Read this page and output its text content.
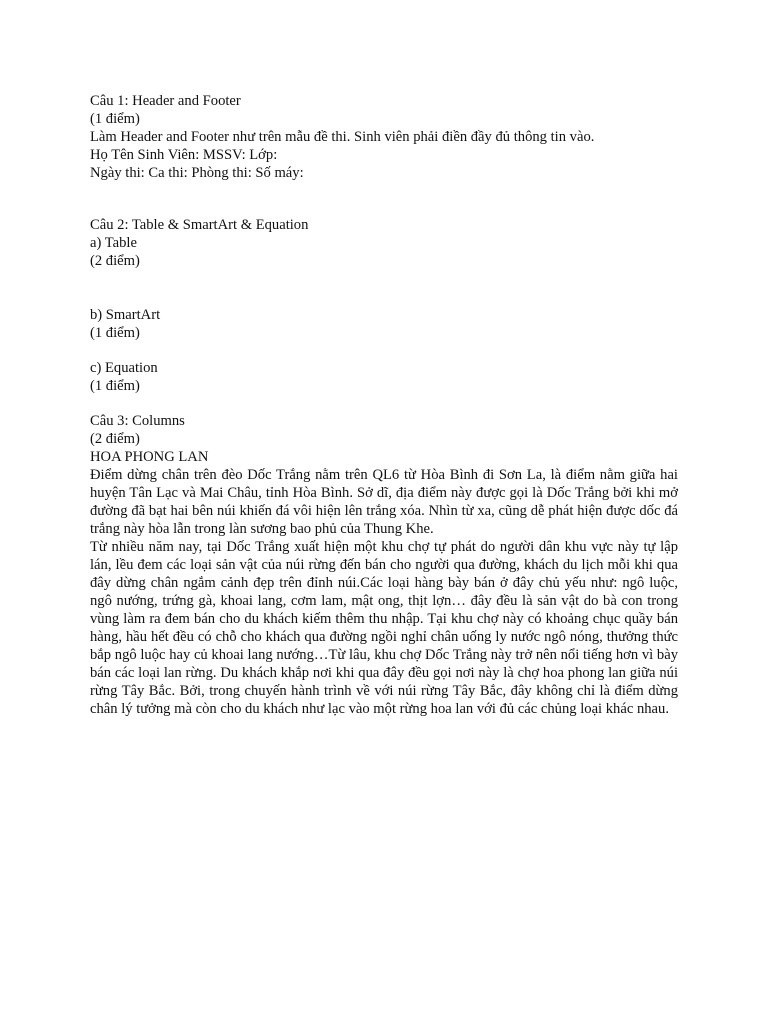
Câu 1: Header and Footer
(1 điểm)
Làm Header and Footer như trên mẫu đề thi. Sinh viên phải điền đầy đủ thông tin vào.
Họ Tên Sinh Viên: MSSV: Lớp:
Ngày thi: Ca thi: Phòng thi: Số máy:
Câu 2: Table & SmartArt & Equation
a) Table
(2 điểm)
b) SmartArt
(1 điểm)
c) Equation
(1 điểm)
Câu 3: Columns
(2 điểm)
HOA PHONG LAN

Điểm dừng chân trên đèo Dốc Trắng nằm trên QL6 từ Hòa Bình đi Sơn La, là điểm nằm giữa hai huyện Tân Lạc và Mai Châu, tỉnh Hòa Bình. Sở dĩ, địa điểm này được gọi là Dốc Trắng bởi khi mở đường đã bạt hai bên núi khiến đá vôi hiện lên trắng xóa. Nhìn từ xa, cũng dễ phát hiện được dốc đá trắng này hòa lẫn trong làn sương bao phủ của Thung Khe.

Từ nhiều năm nay, tại Dốc Trắng xuất hiện một khu chợ tự phát do người dân khu vực này tự lập lán, lều đem các loại sản vật của núi rừng đến bán cho người qua đường, khách du lịch mỗi khi qua đây dừng chân ngắm cảnh đẹp trên đỉnh núi.Các loại hàng bày bán ở đây chủ yếu như: ngô luộc, ngô nướng, trứng gà, khoai lang, cơm lam, mật ong, thịt lợn… đây đều là sản vật do bà con trong vùng làm ra đem bán cho du khách kiếm thêm thu nhập. Tại khu chợ này có khoảng chục quầy bán hàng, hầu hết đều có chỗ cho khách qua đường ngồi nghỉ chân uống ly nước ngô nóng, thưởng thức bắp ngô luộc hay củ khoai lang nướng…Từ lâu, khu chợ Dốc Trắng này trở nên nổi tiếng hơn vì bày bán các loại lan rừng. Du khách khắp nơi khi qua đây đều gọi nơi này là chợ hoa phong lan giữa núi rừng Tây Bắc. Bởi, trong chuyến hành trình về với núi rừng Tây Bắc, đây không chỉ là điểm dừng chân lý tưởng mà còn cho du khách như lạc vào một rừng hoa lan với đủ các chủng loại khác nhau.
